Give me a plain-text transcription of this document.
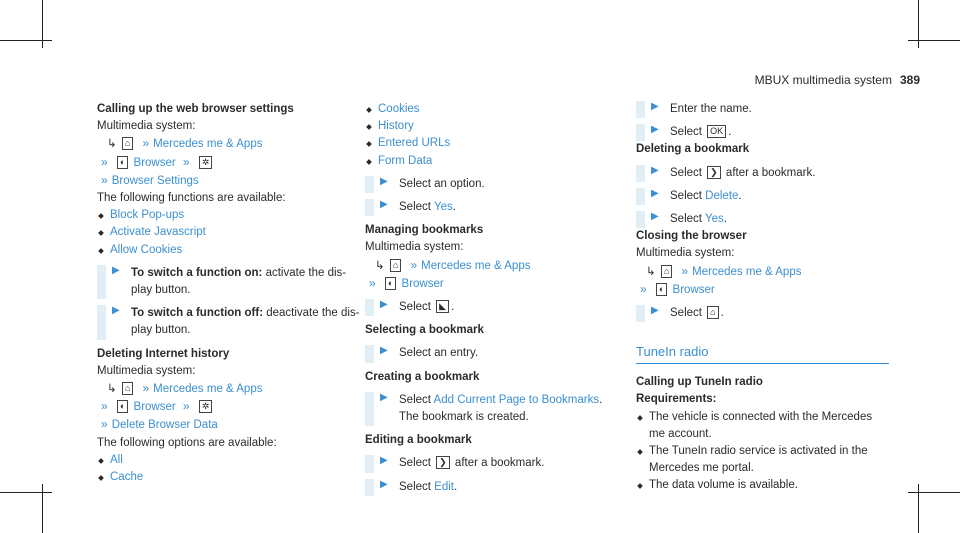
MBUX multimedia system 389
Calling up the web browser settings
Multimedia system:
↳ ⌂ » Mercedes me & Apps
» ◐ Browser » ✲
» Browser Settings
The following functions are available:
Block Pop-ups
Activate Javascript
Allow Cookies
▶ To switch a function on: activate the dis-
play button.
▶ To switch a function off: deactivate the dis-
play button.
Deleting Internet history
Multimedia system:
↳ ⌂ » Mercedes me & Apps
» ◐ Browser » ✲
» Delete Browser Data
The following options are available:
All
Cache
Cookies
History
Entered URLs
Form Data
▶ Select an option.
▶ Select Yes.
Managing bookmarks
Multimedia system:
↳ ⌂ » Mercedes me & Apps
» ◐ Browser
▶ Select ◣ .
Selecting a bookmark
▶ Select an entry.
Creating a bookmark
▶ Select Add Current Page to Bookmarks.
The bookmark is created.
Editing a bookmark
▶ Select ❯ after a bookmark.
▶ Select Edit.
▶ Enter the name.
▶ Select OK .
Deleting a bookmark
▶ Select ❯ after a bookmark.
▶ Select Delete.
▶ Select Yes.
Closing the browser
Multimedia system:
↳ ⌂ » Mercedes me & Apps
» ◐ Browser
▶ Select ⌂ .
TuneIn radio
Calling up TuneIn radio
Requirements:
The vehicle is connected with the Mercedes
me account.
The TuneIn radio service is activated in the
Mercedes me portal.
The data volume is available.
